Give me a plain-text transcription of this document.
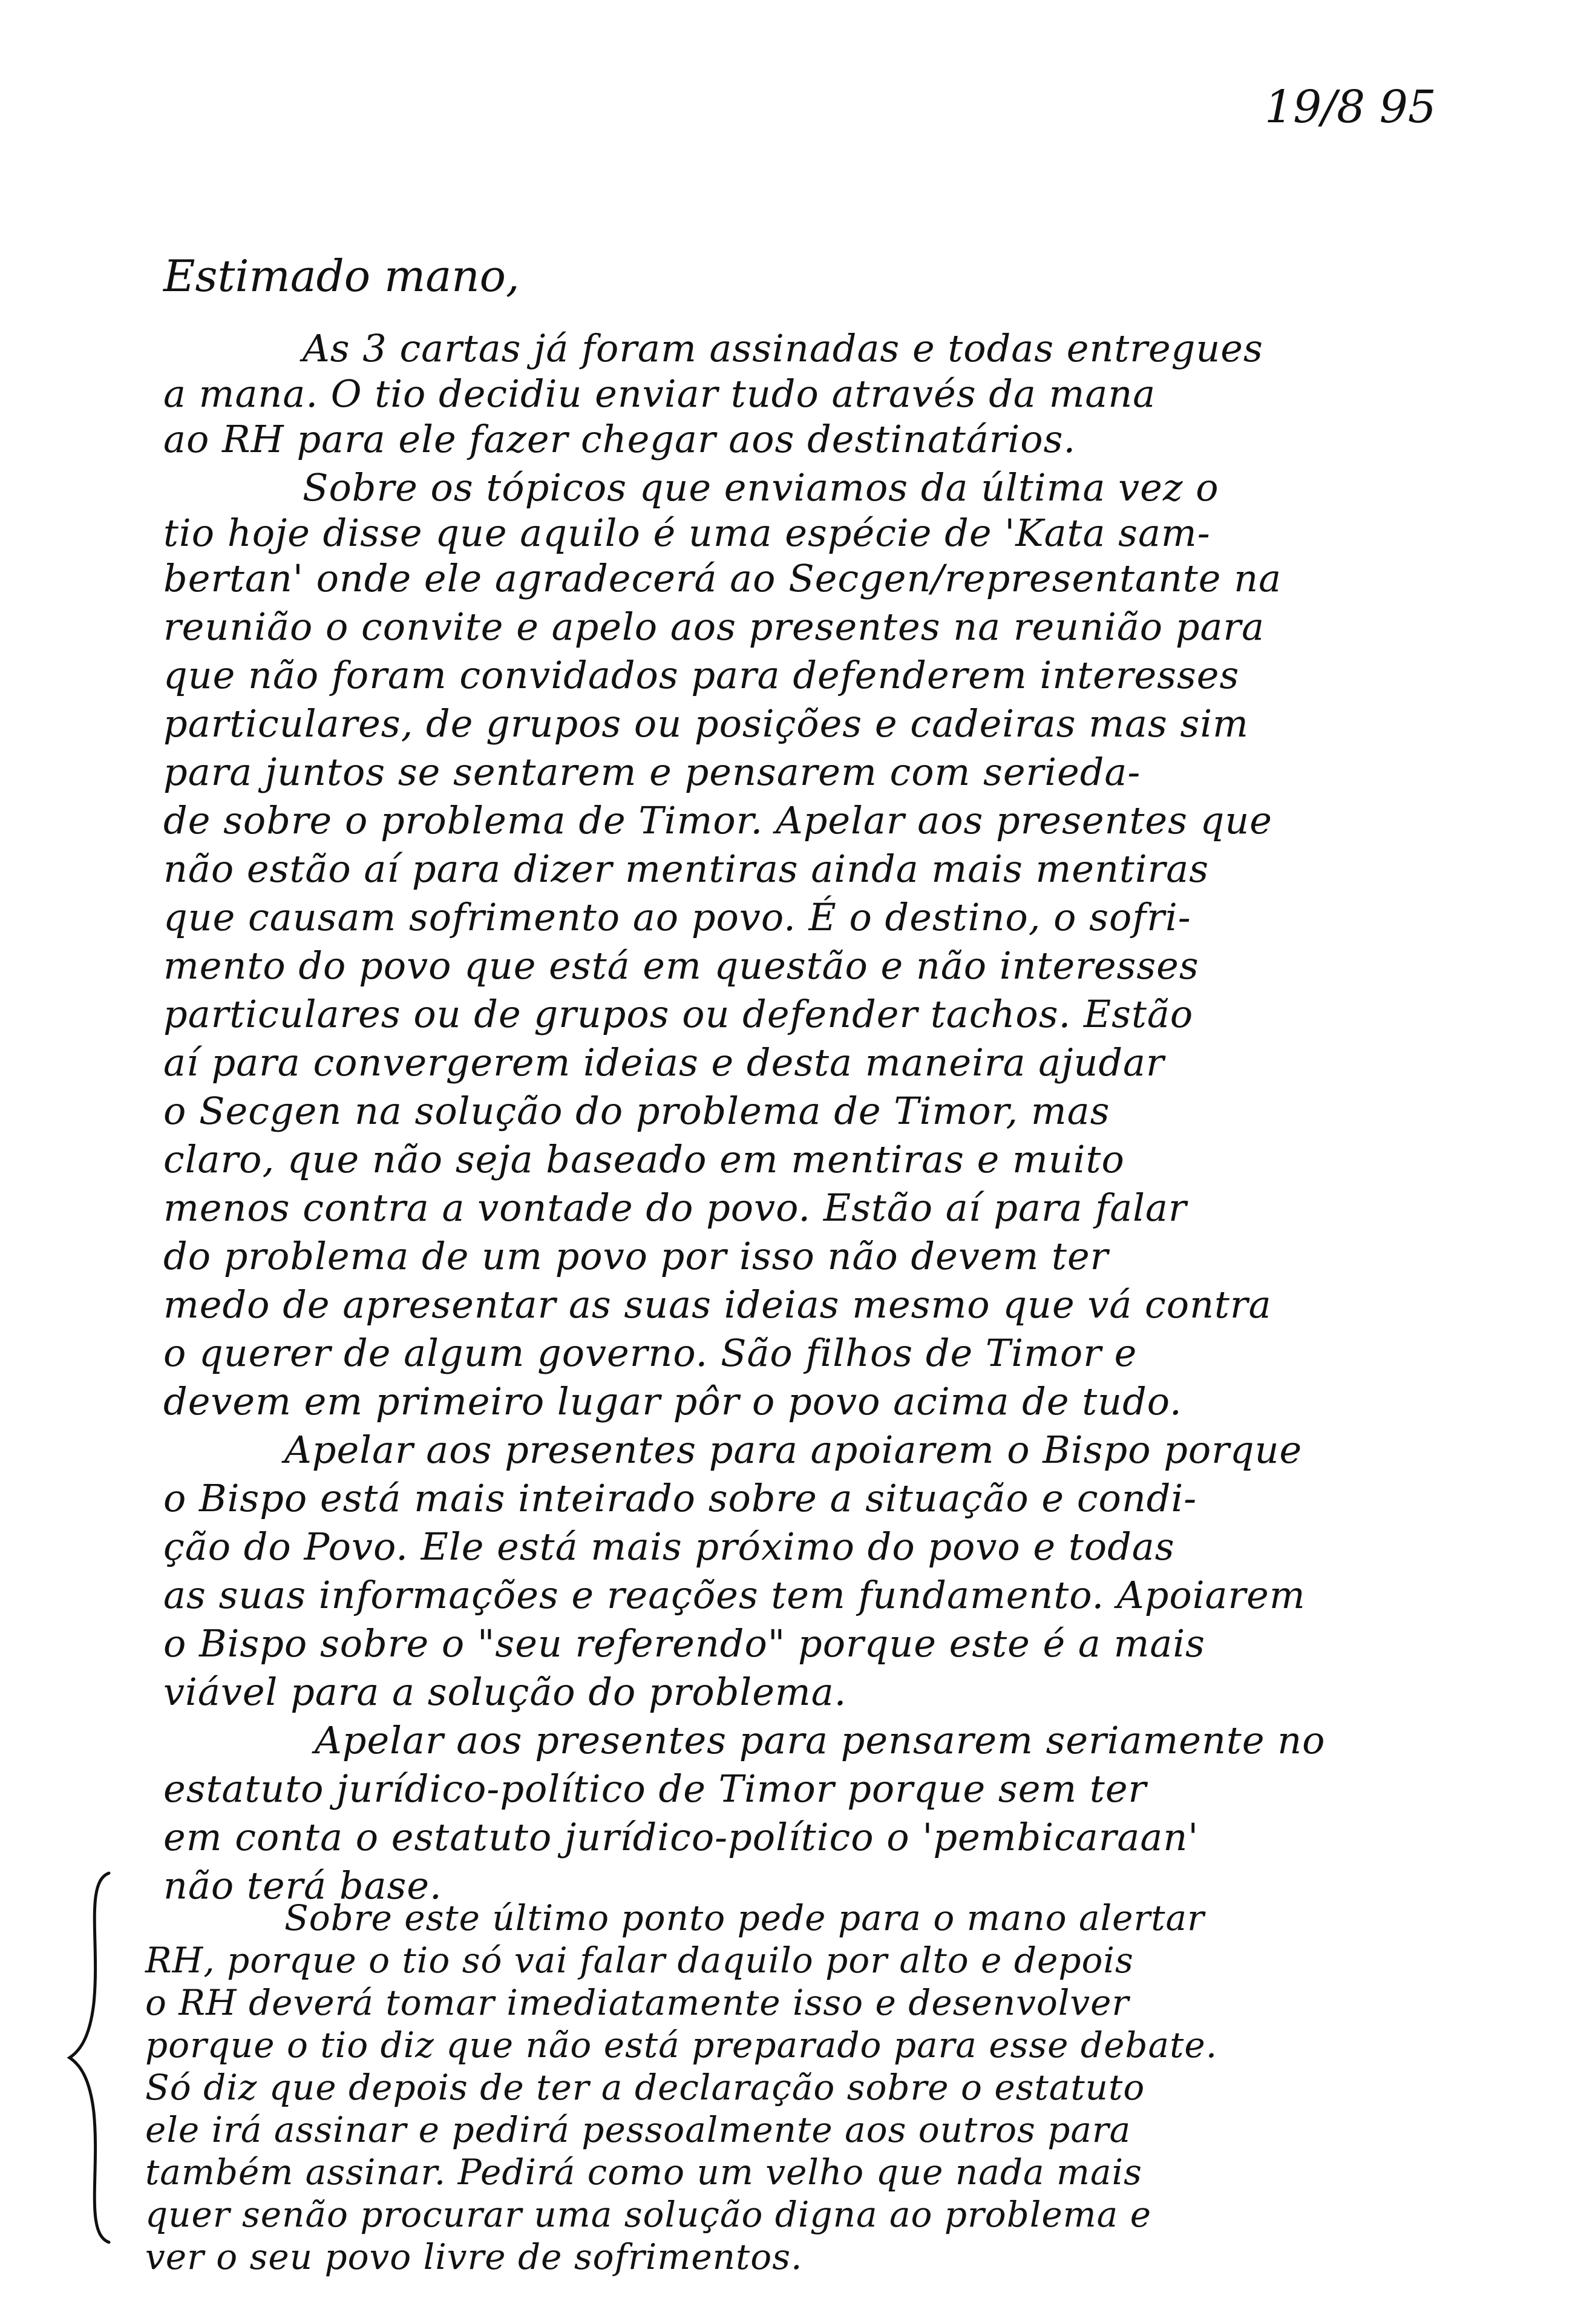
19/8 95
Estimado mano,
As 3 cartas já foram assinadas e todas entregues
a mana. O tio decidiu enviar tudo através da mana
ao RH para ele fazer chegar aos destinatários.
Sobre os tópicos que enviamos da última vez o
tio hoje disse que aquilo é uma espécie de 'Kata sam-
bertan' onde ele agradecerá ao Secgen/representante na
reunião o convite e apelo aos presentes na reunião para
que não foram convidados para defenderem interesses
particulares, de grupos ou posições e cadeiras mas sim
para juntos se sentarem e pensarem com serieda-
de sobre o problema de Timor. Apelar aos presentes que
não estão aí para dizer mentiras ainda mais mentiras
que causam sofrimento ao povo. É o destino, o sofri-
mento do povo que está em questão e não interesses
particulares ou de grupos ou defender tachos. Estão
aí para convergerem ideias e desta maneira ajudar
o Secgen na solução do problema de Timor, mas
claro, que não seja baseado em mentiras e muito
menos contra a vontade do povo. Estão aí para falar
do problema de um povo por isso não devem ter
medo de apresentar as suas ideias mesmo que vá contra
o querer de algum governo. São filhos de Timor e
devem em primeiro lugar pôr o povo acima de tudo.
Apelar aos presentes para apoiarem o Bispo porque
o Bispo está mais inteirado sobre a situação e condi-
ção do Povo. Ele está mais próximo do povo e todas
as suas informações e reações tem fundamento. Apoiarem
o Bispo sobre o "seu referendo" porque este é a mais
viável para a solução do problema.
Apelar aos presentes para pensarem seriamente no
estatuto jurídico-político de Timor porque sem ter
em conta o estatuto jurídico-político o 'pembicaraan'
não terá base.
Sobre este último ponto pede para o mano alertar
RH, porque o tio só vai falar daquilo por alto e depois
o RH deverá tomar imediatamente isso e desenvolver
porque o tio diz que não está preparado para esse debate.
Só diz que depois de ter a declaração sobre o estatuto
ele irá assinar e pedirá pessoalmente aos outros para
também assinar. Pedirá como um velho que nada mais
quer senão procurar uma solução digna ao problema e
ver o seu povo livre de sofrimentos.
